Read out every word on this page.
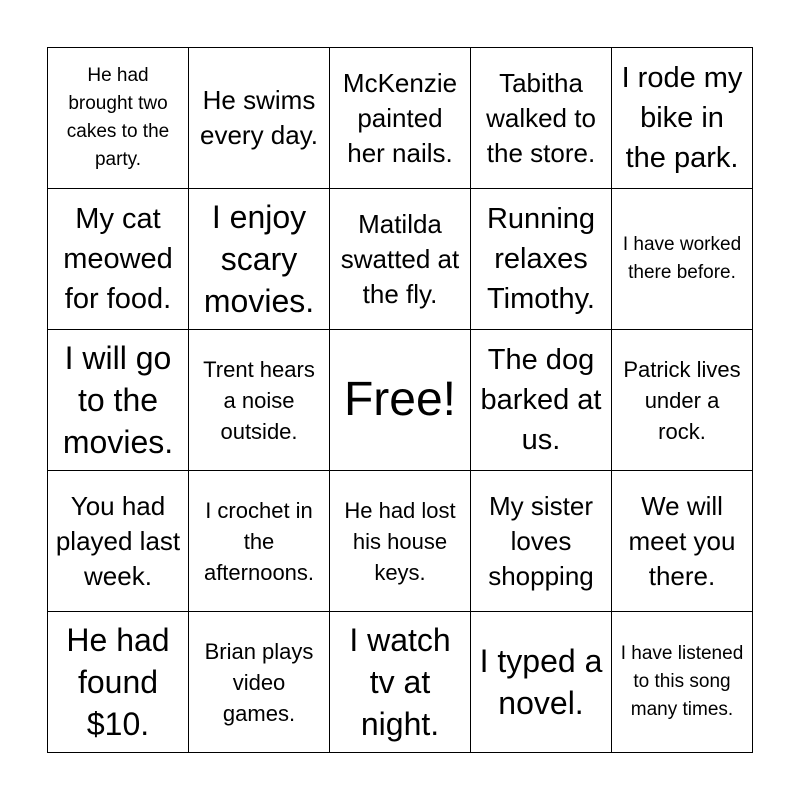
He had brought two cakes to the party.
He swims every day.
McKenzie painted her nails.
Tabitha walked to the store.
I rode my bike in the park.
My cat meowed for food.
I enjoy scary movies.
Matilda swatted at the fly.
Running relaxes Timothy.
I have worked there before.
I will go to the movies.
Trent hears a noise outside.
Free!
The dog barked at us.
Patrick lives under a rock.
You had played last week.
I crochet in the afternoons.
He had lost his house keys.
My sister loves shopping
We will meet you there.
He had found $10.
Brian plays video games.
I watch tv at night.
I typed a novel.
I have listened to this song many times.
